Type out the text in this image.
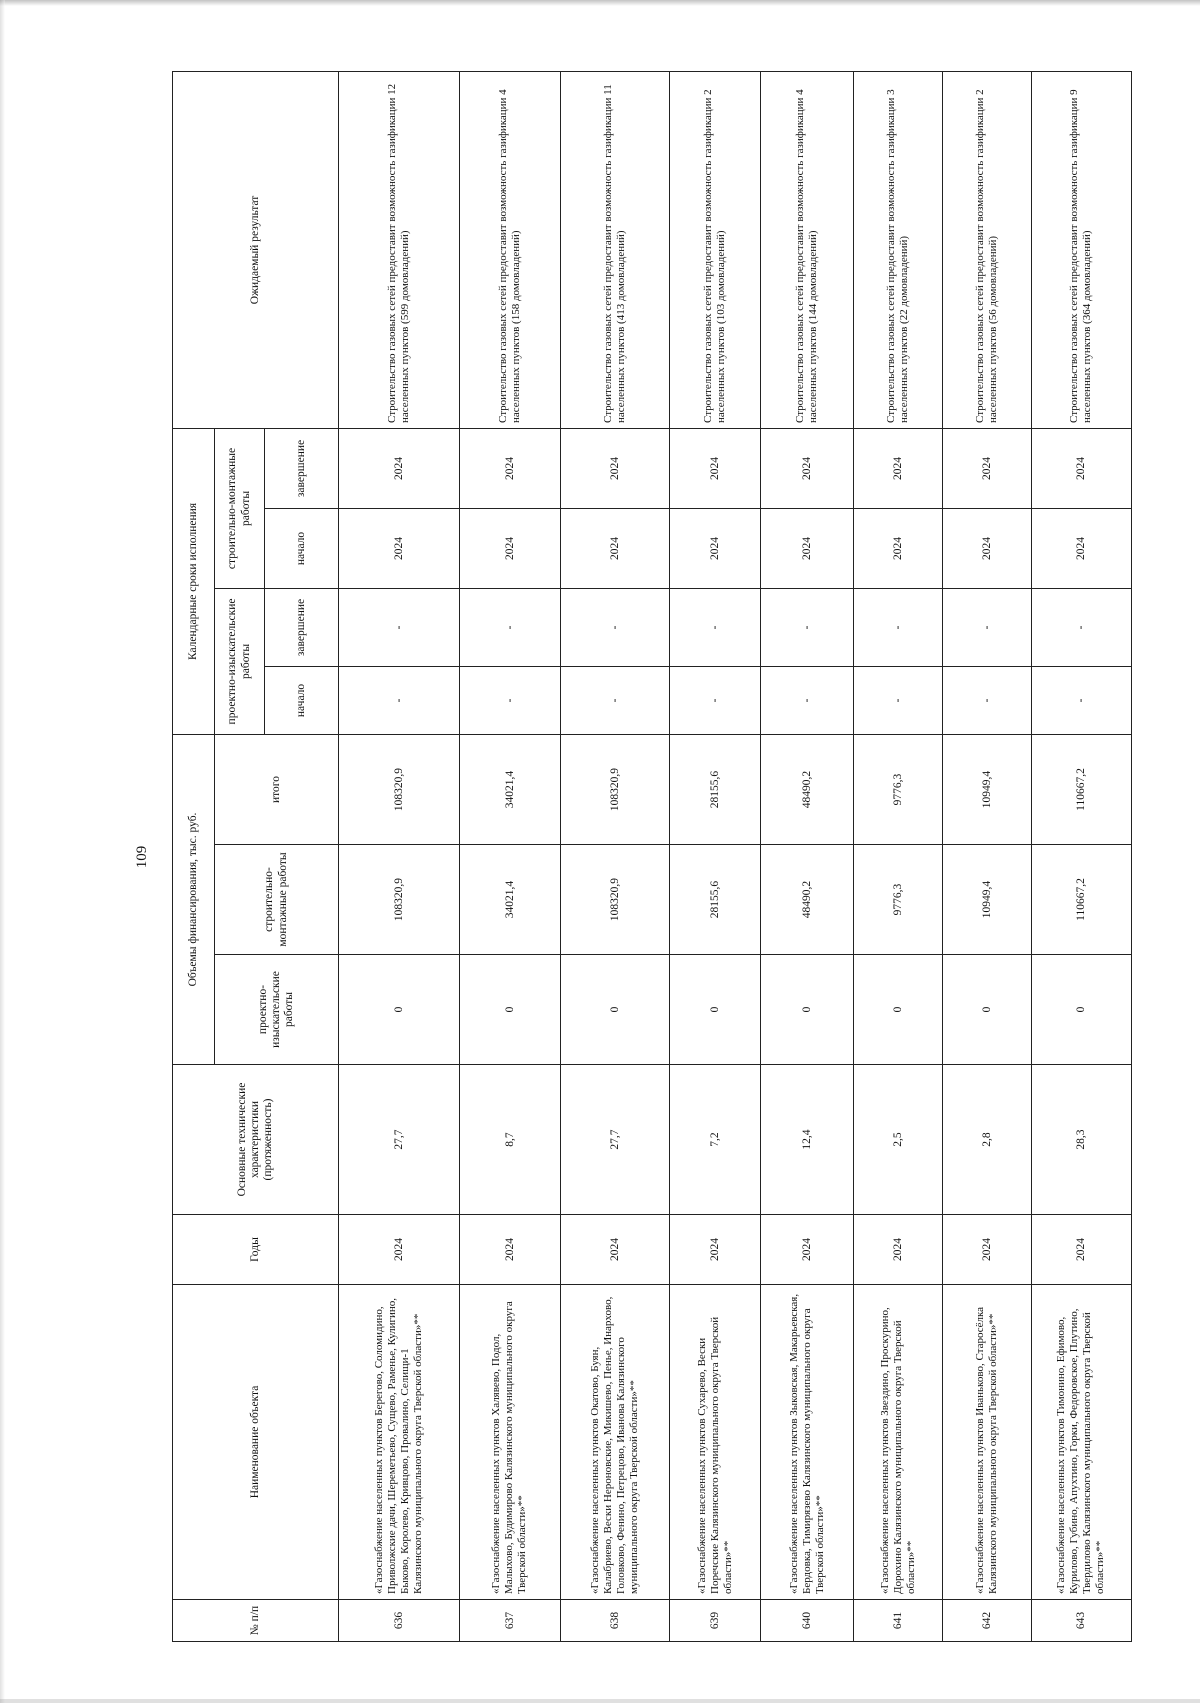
109
№ п/п	Наименование объекта	Годы	Основные технические характеристики (протяженность)	Объемы финансирования, тыс. руб.			Календарные сроки исполнения				Ожидаемый результат
				проектно-изыскательские работы	строительно-монтажные работы	итого	проектно-изыскательские работы		строительно-монтажные работы		
							начало	завершение	начало	завершение	
636	«Газоснабжение населенных пунктов Берегово, Соломидино, Приволжские дачи, Шереметьево, Сущево, Раменье, Кулигино, Быково, Королево, Кривцово, Провалино, Селищи-1 Калязинского муниципального округа Тверской области»**	2024	27,7	0	108320,9	108320,9	-	-	2024	2024	Строительство газовых сетей предоставит возможность газификации 12 населенных пунктов (599 домовладений)
637	«Газоснабжение населенных пунктов Халявево, Подол, Малыхово, Будимирово Калязинского муниципального округа Тверской области»**	2024	8,7	0	34021,4	34021,4	-	-	2024	2024	Строительство газовых сетей предоставит возможность газификации 4 населенных пунктов (158 домовладений)
638	«Газоснабжение населенных пунктов Окатово, Буян, Калабриево, Вески Нероновские, Микишево, Пенье, Инархово, Головково, Фенино, Петрецово, Иванова Калязинского муниципального округа Тверской области»**	2024	27,7	0	108320,9	108320,9	-	-	2024	2024	Строительство газовых сетей предоставит возможность газификации 11 населенных пунктов (413 домовладений)
639	«Газоснабжение населенных пунктов Сухарево, Вески Поречские Калязинского муниципального округа Тверской области»**	2024	7,2	0	28155,6	28155,6	-	-	2024	2024	Строительство газовых сетей предоставит возможность газификации 2 населенных пунктов (103 домовладений)
640	«Газоснабжение населенных пунктов Зыковская, Макарьевская, Бердовка, Тимирязево Калязинского муниципального округа Тверской области»**	2024	12,4	0	48490,2	48490,2	-	-	2024	2024	Строительство газовых сетей предоставит возможность газификации 4 населенных пунктов (144 домовладений)
641	«Газоснабжение населенных пунктов Звездино, Проскурино, Дорохино Калязинского муниципального округа Тверской области»**	2024	2,5	0	9776,3	9776,3	-	-	2024	2024	Строительство газовых сетей предоставит возможность газификации 3 населенных пунктов (22 домовладений)
642	«Газоснабжение населенных пунктов Иваньково, Старосёлка Калязинского муниципального округа Тверской области»**	2024	2,8	0	10949,4	10949,4	-	-	2024	2024	Строительство газовых сетей предоставит возможность газификации 2 населенных пунктов (56 домовладений)
643	«Газоснабжение населенных пунктов Тимонино, Ефимово, Курилово, Губино, Апухтино, Горки, Федоровское, Плутино, Твердилово Калязинского муниципального округа Тверской области»**	2024	28,3	0	110667,2	110667,2	-	-	2024	2024	Строительство газовых сетей предоставит возможность газификации 9 населенных пунктов (364 домовладений)
